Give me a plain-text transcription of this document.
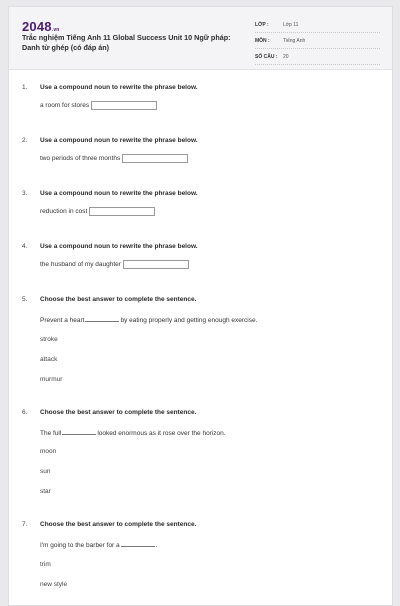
2048.vn
Trắc nghiệm Tiếng Anh 11 Global Success Unit 10 Ngữ pháp: Danh từ ghép (có đáp án)
LỚP :	Lớp 11
MÔN :	Tiếng Anh
SỐ CÂU :	20
1.	Use a compound noun to rewrite the phrase below.
a room for stores
2.	Use a compound noun to rewrite the phrase below.
two periods of three months
3.	Use a compound noun to rewrite the phrase below.
reduction in cost
4.	Use a compound noun to rewrite the phrase below.
the husband of my daughter
5.	Choose the best answer to complete the sentence.
Prevent a heart	by eating properly and getting enough exercise.
stroke
attack
murmur
6.	Choose the best answer to complete the sentence.
The full	looked enormous as it rose over the horizon.
moon
sun
star
7.	Choose the best answer to complete the sentence.
I'm going to the barber for a	.
trim
new style
